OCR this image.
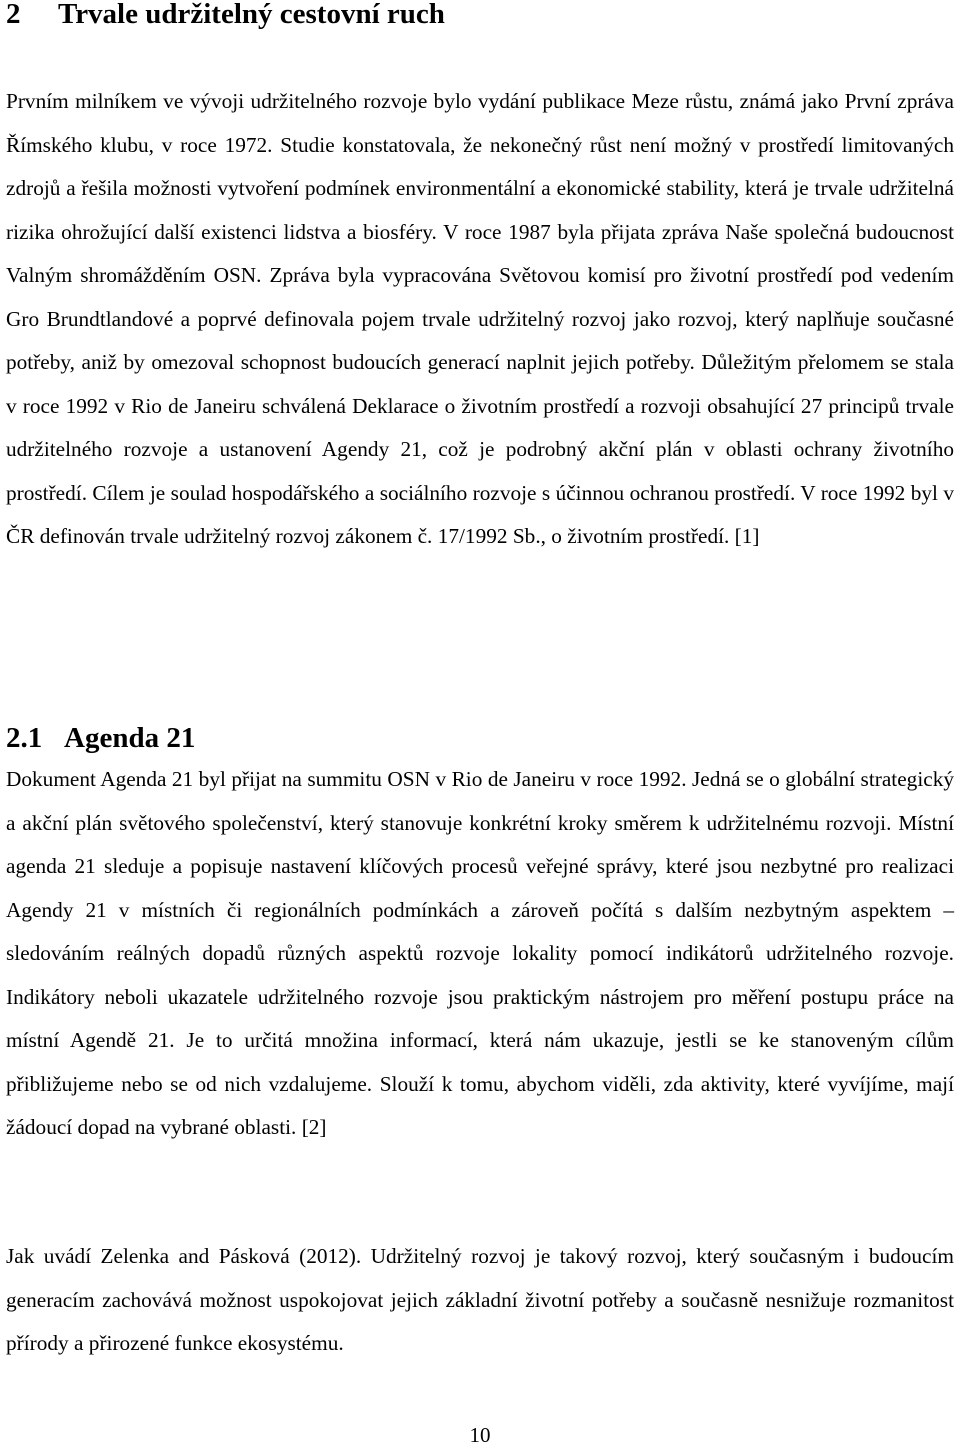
2 Trvale udržitelný cestovní ruch

Prvním milníkem ve vývoji udržitelného rozvoje bylo vydání publikace Meze růstu, známá jako První zpráva Římského klubu, v roce 1972. Studie konstatovala, že nekonečný růst není možný v prostředí limitovaných zdrojů a řešila možnosti vytvoření podmínek environmentální a ekonomické stability, která je trvale udržitelná rizika ohrožující další existenci lidstva a biosféry. V roce 1987 byla přijata zpráva Naše společná budoucnost Valným shromážděním OSN. Zpráva byla vypracována Světovou komisí pro životní prostředí pod vedením Gro Brundtlandové a poprvé definovala pojem trvale udržitelný rozvoj jako rozvoj, který naplňuje současné potřeby, aniž by omezoval schopnost budoucích generací naplnit jejich potřeby. Důležitým přelomem se stala v roce 1992 v Rio de Janeiru schválená Deklarace o životním prostředí a rozvoji obsahující 27 principů trvale udržitelného rozvoje a ustanovení Agendy 21, což je podrobný akční plán v oblasti ochrany životního prostředí. Cílem je soulad hospodářského a sociálního rozvoje s účinnou ochranou prostředí. V roce 1992 byl v ČR definován trvale udržitelný rozvoj zákonem č. 17/1992 Sb., o životním prostředí. [1]

2.1 Agenda 21

Dokument Agenda 21 byl přijat na summitu OSN v Rio de Janeiru v roce 1992. Jedná se o globální strategický a akční plán světového společenství, který stanovuje konkrétní kroky směrem k udržitelnému rozvoji. Místní agenda 21 sleduje a popisuje nastavení klíčových procesů veřejné správy, které jsou nezbytné pro realizaci Agendy 21 v místních či regionálních podmínkách a zároveň počítá s dalším nezbytným aspektem – sledováním reálných dopadů různých aspektů rozvoje lokality pomocí indikátorů udržitelného rozvoje. Indikátory neboli ukazatele udržitelného rozvoje jsou praktickým nástrojem pro měření postupu práce na místní Agendě 21. Je to určitá množina informací, která nám ukazuje, jestli se ke stanoveným cílům přibližujeme nebo se od nich vzdalujeme. Slouží k tomu, abychom viděli, zda aktivity, které vyvíjíme, mají žádoucí dopad na vybrané oblasti. [2]

Jak uvádí Zelenka and Pásková (2012). Udržitelný rozvoj je takový rozvoj, který současným i budoucím generacím zachovává možnost uspokojovat jejich základní životní potřeby a současně nesnižuje rozmanitost přírody a přirozené funkce ekosystému.

10
